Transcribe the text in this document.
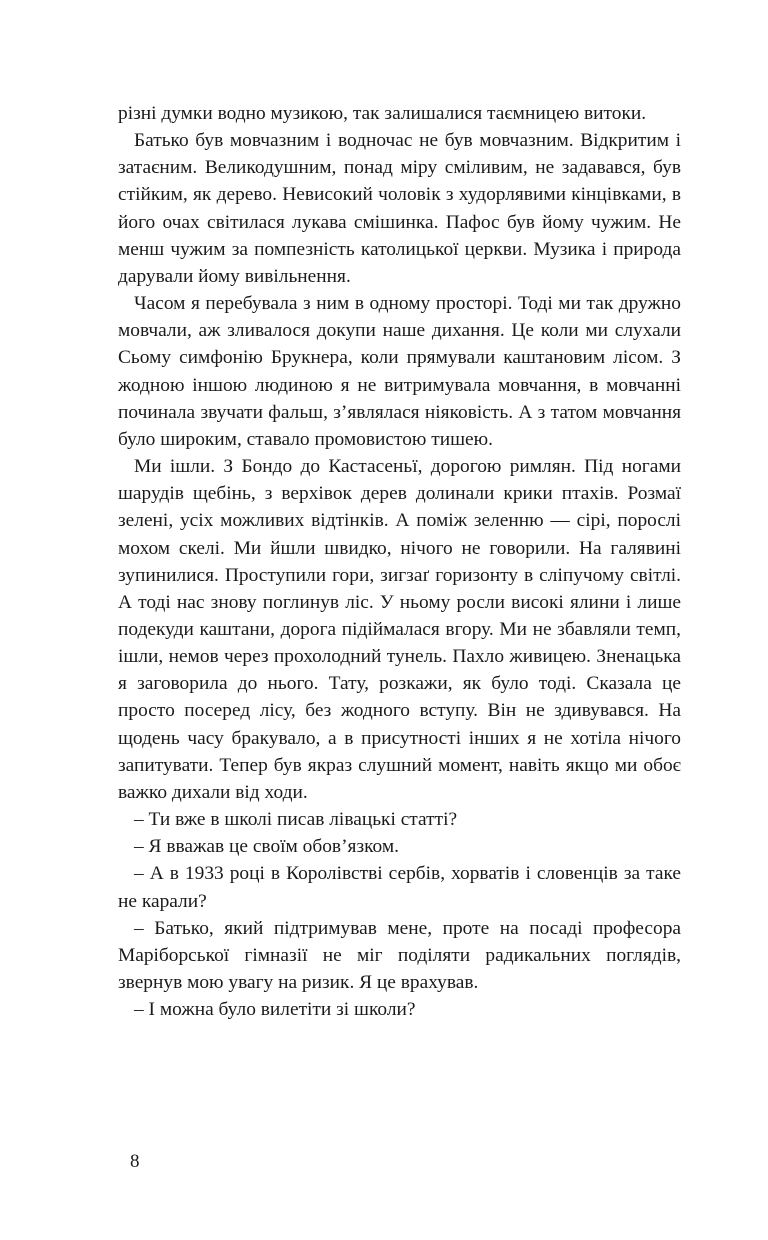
різні думки водно музикою, так залишалися таємницею витоки.

Батько був мовчазним і водночас не був мовчазним. Відкритим і затаєним. Великодушним, понад міру сміливим, не задавався, був стійким, як дерево. Невисокий чоловік з худорлявими кінцівками, в його очах світилася лукава смішинка. Пафос був йому чужим. Не менш чужим за помпезність католицької церкви. Музика і природа дарували йому вивільнення.

Часом я перебувала з ним в одному просторі. Тоді ми так дружно мовчали, аж зливалося докупи наше дихання. Це коли ми слухали Сьому симфонію Брукнера, коли прямували каштановим лісом. З жодною іншою людиною я не витримувала мовчання, в мовчанні починала звучати фальш, з’являлася ніяковість. А з татом мовчання було широким, ставало промовистою тишею.

Ми ішли. З Бондо до Кастасеньї, дорогою римлян. Під ногами шарудів щебінь, з верхівок дерев долинали крики птахів. Розмаї зелені, усіх можливих відтінків. А поміж зеленню — сірі, порослі мохом скелі. Ми йшли швидко, нічого не говорили. На галявині зупинилися. Проступили гори, зигзаґ горизонту в сліпучому світлі. А тоді нас знову поглинув ліс. У ньому росли високі ялини і лише подекуди каштани, дорога підіймалася вгору. Ми не збавляли темп, ішли, немов через прохолодний тунель. Пахло живицею. Зненацька я заговорила до нього. Тату, розкажи, як було тоді. Сказала це просто посеред лісу, без жодного вступу. Він не здивувався. На щодень часу бракувало, а в присутності інших я не хотіла нічого запитувати. Тепер був якраз слушний момент, навіть якщо ми обоє важко дихали від ходи.

– Ти вже в школі писав лівацькі статті?

– Я вважав це своїм обов’язком.

– А в 1933 році в Королівстві сербів, хорватів і словенців за таке не карали?

– Батько, який підтримував мене, проте на посаді професора Маріборської гімназії не міг поділяти радикальних поглядів, звернув мою увагу на ризик. Я це врахував.

– І можна було вилетіти зі школи?

8
